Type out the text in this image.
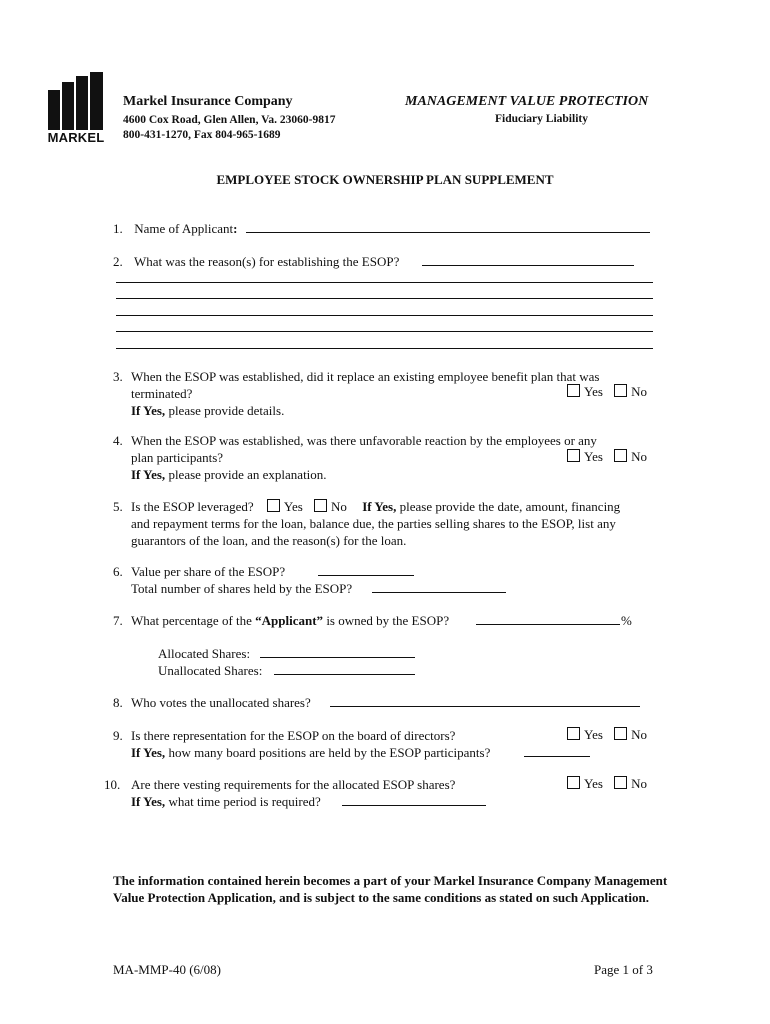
MARKEL
Markel Insurance Company
4600 Cox Road, Glen Allen, Va. 23060-9817
800-431-1270, Fax 804-965-1689
MANAGEMENT VALUE PROTECTION
Fiduciary Liability
EMPLOYEE STOCK OWNERSHIP PLAN SUPPLEMENT
1. Name of Applicant:
2. What was the reason(s) for establishing the ESOP?
3. When the ESOP was established, did it replace an existing employee benefit plan that was
terminated?
If Yes, please provide details.
Yes No
4. When the ESOP was established, was there unfavorable reaction by the employees or any
plan participants?
If Yes, please provide an explanation.
Yes No
5. Is the ESOP leveraged? Yes No If Yes, please provide the date, amount, financing
and repayment terms for the loan, balance due, the parties selling shares to the ESOP, list any
guarantors of the loan, and the reason(s) for the loan.
6. Value per share of the ESOP?
Total number of shares held by the ESOP?
7. What percentage of the “Applicant” is owned by the ESOP?	%
Allocated Shares:
Unallocated Shares:
8. Who votes the unallocated shares?
9. Is there representation for the ESOP on the board of directors?
If Yes, how many board positions are held by the ESOP participants?
Yes No
10. Are there vesting requirements for the allocated ESOP shares?
If Yes, what time period is required?
Yes No
The information contained herein becomes a part of your Markel Insurance Company Management Value Protection Application, and is subject to the same conditions as stated on such Application.
MA-MMP-40 (6/08)	Page 1 of 3
